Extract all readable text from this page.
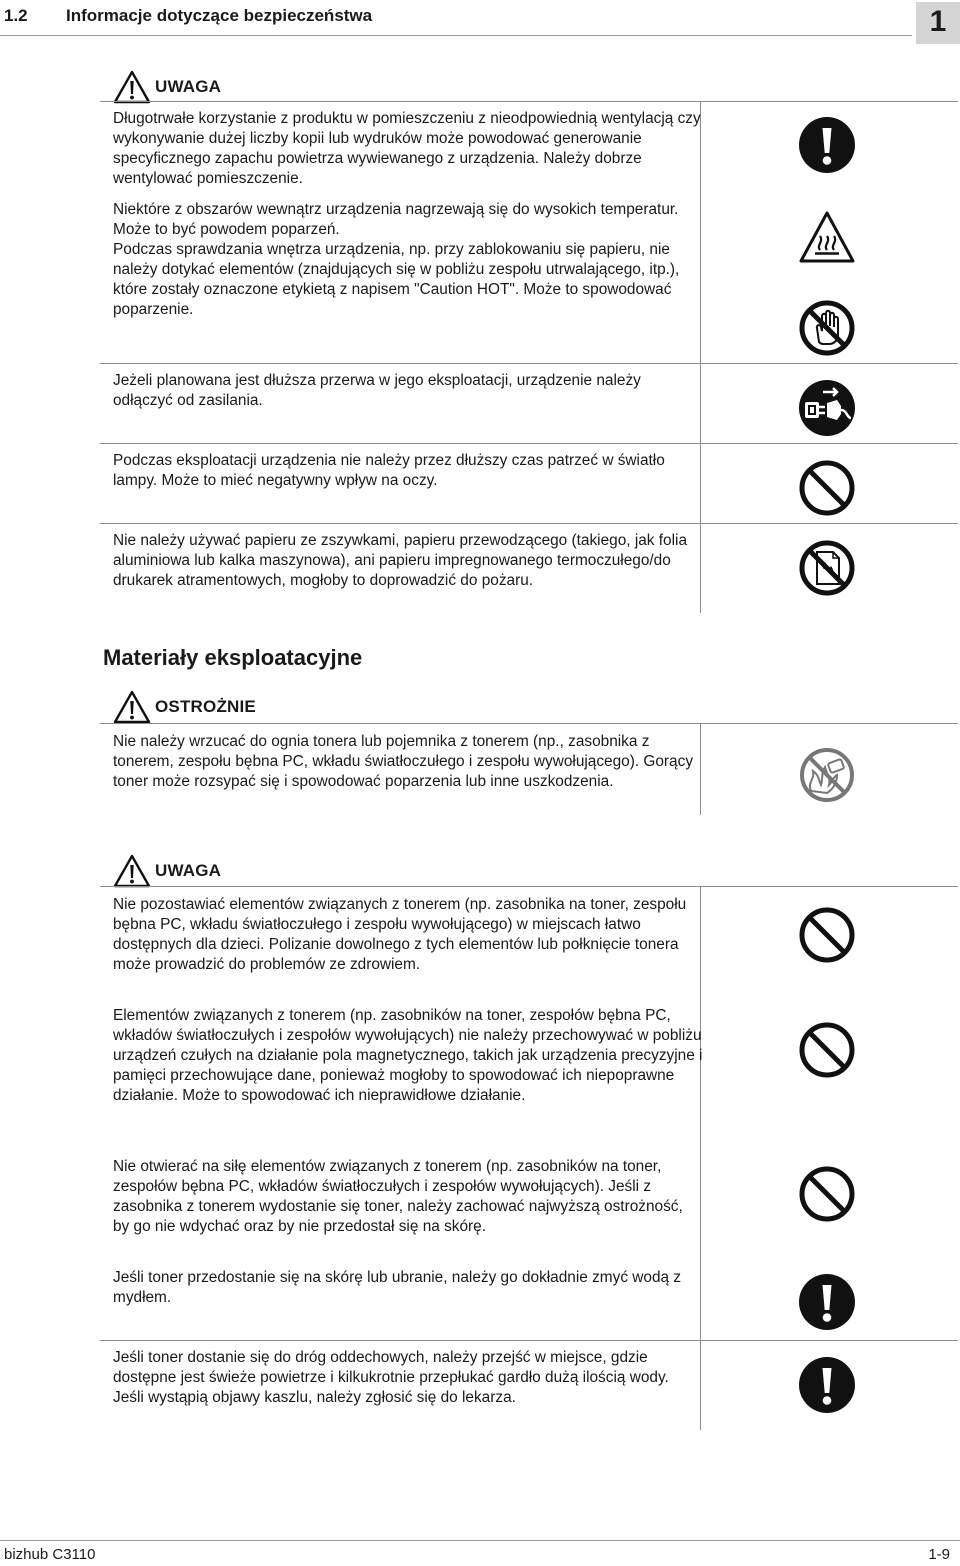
1.2 Informacje dotyczące bezpieczeństwa	1
UWAGA

Długotrwałe korzystanie z produktu w pomieszczeniu z nieodpowiednią wentylacją czy wykonywanie dużej liczby kopii lub wydruków może powodować generowanie specyficznego zapachu powietrza wywiewanego z urządzenia. Należy dobrze wentylować pomieszczenie.

Niektóre z obszarów wewnątrz urządzenia nagrzewają się do wysokich temperatur. Może to być powodem poparzeń.

Podczas sprawdzania wnętrza urządzenia, np. przy zablokowaniu się papieru, nie należy dotykać elementów (znajdujących się w pobliżu zespołu utrwalającego, itp.), które zostały oznaczone etykietą z napisem "Caution HOT". Może to spowodować poparzenie.

Jeżeli planowana jest dłuższa przerwa w jego eksploatacji, urządzenie należy odłączyć od zasilania.

Podczas eksploatacji urządzenia nie należy przez dłuższy czas patrzeć w światło lampy. Może to mieć negatywny wpływ na oczy.

Nie należy używać papieru ze zszywkami, papieru przewodzącego (takiego, jak folia aluminiowa lub kalka maszynowa), ani papieru impregnowanego termoczułego/do drukarek atramentowych, mogłoby to doprowadzić do pożaru.

Materiały eksploatacyjne
OSTROŻNIE

Nie należy wrzucać do ognia tonera lub pojemnika z tonerem (np., zasobnika z tonerem, zespołu bębna PC, wkładu światłoczułego i zespołu wywołującego). Gorący toner może rozsypać się i spowodować poparzenia lub inne uszkodzenia.

UWAGA

Nie pozostawiać elementów związanych z tonerem (np. zasobnika na toner, zespołu bębna PC, wkładu światłoczułego i zespołu wywołującego) w miejscach łatwo dostępnych dla dzieci. Polizanie dowolnego z tych elementów lub połknięcie tonera może prowadzić do problemów ze zdrowiem.

Elementów związanych z tonerem (np. zasobników na toner, zespołów bębna PC, wkładów światłoczułych i zespołów wywołujących) nie należy przechowywać w pobliżu urządzeń czułych na działanie pola magnetycznego, takich jak urządzenia precyzyjne i pamięci przechowujące dane, ponieważ mogłoby to spowodować ich niepoprawne działanie. Może to spowodować ich nieprawidłowe działanie.

Nie otwierać na siłę elementów związanych z tonerem (np. zasobników na toner, zespołów bębna PC, wkładów światłoczułych i zespołów wywołujących). Jeśli z zasobnika z tonerem wydostanie się toner, należy zachować najwyższą ostrożność, by go nie wdychać oraz by nie przedostał się na skórę.

Jeśli toner przedostanie się na skórę lub ubranie, należy go dokładnie zmyć wodą z mydłem.

Jeśli toner dostanie się do dróg oddechowych, należy przejść w miejsce, gdzie dostępne jest świeże powietrze i kilkukrotnie przepłukać gardło dużą ilością wody. Jeśli wystąpią objawy kaszlu, należy zgłosić się do lekarza.

bizhub C3110	1-9
